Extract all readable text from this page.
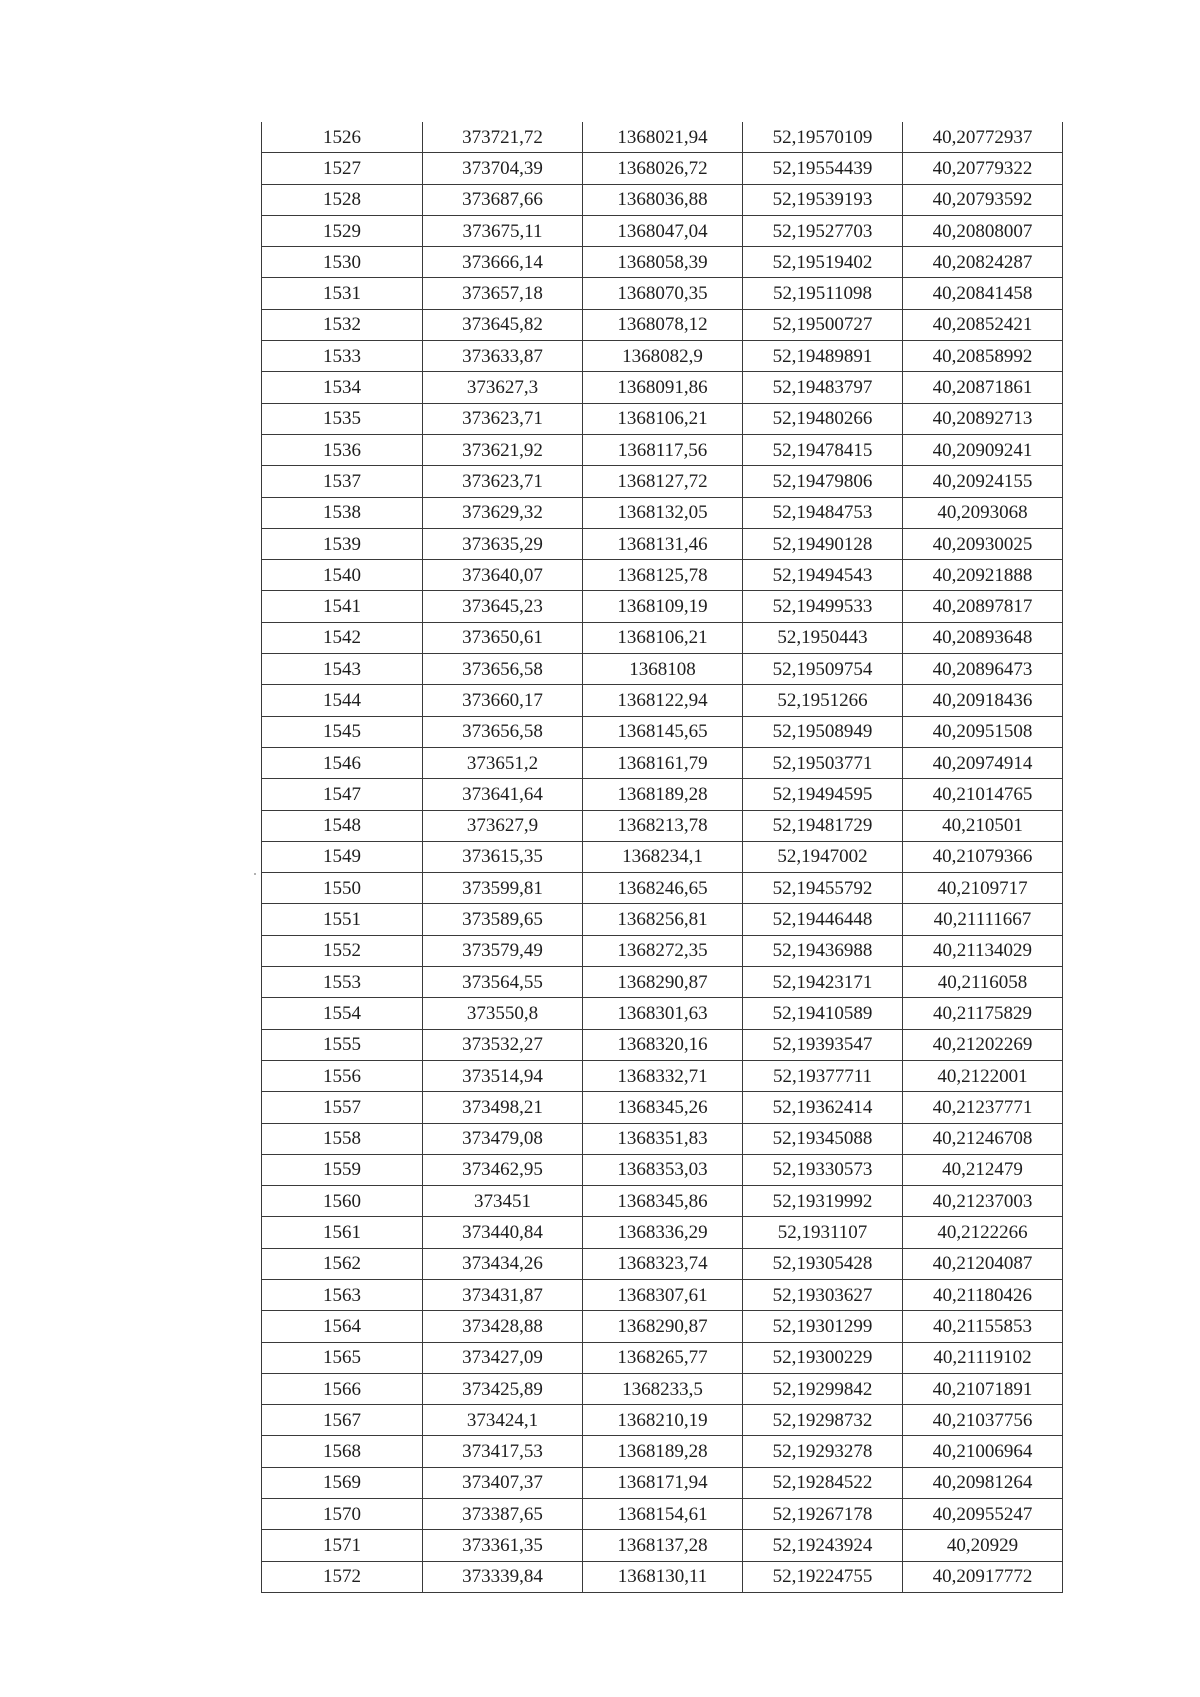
1526	373721,72	1368021,94	52,19570109	40,20772937
1527	373704,39	1368026,72	52,19554439	40,20779322
1528	373687,66	1368036,88	52,19539193	40,20793592
1529	373675,11	1368047,04	52,19527703	40,20808007
1530	373666,14	1368058,39	52,19519402	40,20824287
1531	373657,18	1368070,35	52,19511098	40,20841458
1532	373645,82	1368078,12	52,19500727	40,20852421
1533	373633,87	1368082,9	52,19489891	40,20858992
1534	373627,3	1368091,86	52,19483797	40,20871861
1535	373623,71	1368106,21	52,19480266	40,20892713
1536	373621,92	1368117,56	52,19478415	40,20909241
1537	373623,71	1368127,72	52,19479806	40,20924155
1538	373629,32	1368132,05	52,19484753	40,2093068
1539	373635,29	1368131,46	52,19490128	40,20930025
1540	373640,07	1368125,78	52,19494543	40,20921888
1541	373645,23	1368109,19	52,19499533	40,20897817
1542	373650,61	1368106,21	52,1950443	40,20893648
1543	373656,58	1368108	52,19509754	40,20896473
1544	373660,17	1368122,94	52,1951266	40,20918436
1545	373656,58	1368145,65	52,19508949	40,20951508
1546	373651,2	1368161,79	52,19503771	40,20974914
1547	373641,64	1368189,28	52,19494595	40,21014765
1548	373627,9	1368213,78	52,19481729	40,210501
1549	373615,35	1368234,1	52,1947002	40,21079366
1550	373599,81	1368246,65	52,19455792	40,2109717
1551	373589,65	1368256,81	52,19446448	40,21111667
1552	373579,49	1368272,35	52,19436988	40,21134029
1553	373564,55	1368290,87	52,19423171	40,2116058
1554	373550,8	1368301,63	52,19410589	40,21175829
1555	373532,27	1368320,16	52,19393547	40,21202269
1556	373514,94	1368332,71	52,19377711	40,2122001
1557	373498,21	1368345,26	52,19362414	40,21237771
1558	373479,08	1368351,83	52,19345088	40,21246708
1559	373462,95	1368353,03	52,19330573	40,212479
1560	373451	1368345,86	52,19319992	40,21237003
1561	373440,84	1368336,29	52,1931107	40,2122266
1562	373434,26	1368323,74	52,19305428	40,21204087
1563	373431,87	1368307,61	52,19303627	40,21180426
1564	373428,88	1368290,87	52,19301299	40,21155853
1565	373427,09	1368265,77	52,19300229	40,21119102
1566	373425,89	1368233,5	52,19299842	40,21071891
1567	373424,1	1368210,19	52,19298732	40,21037756
1568	373417,53	1368189,28	52,19293278	40,21006964
1569	373407,37	1368171,94	52,19284522	40,20981264
1570	373387,65	1368154,61	52,19267178	40,20955247
1571	373361,35	1368137,28	52,19243924	40,20929
1572	373339,84	1368130,11	52,19224755	40,20917772
